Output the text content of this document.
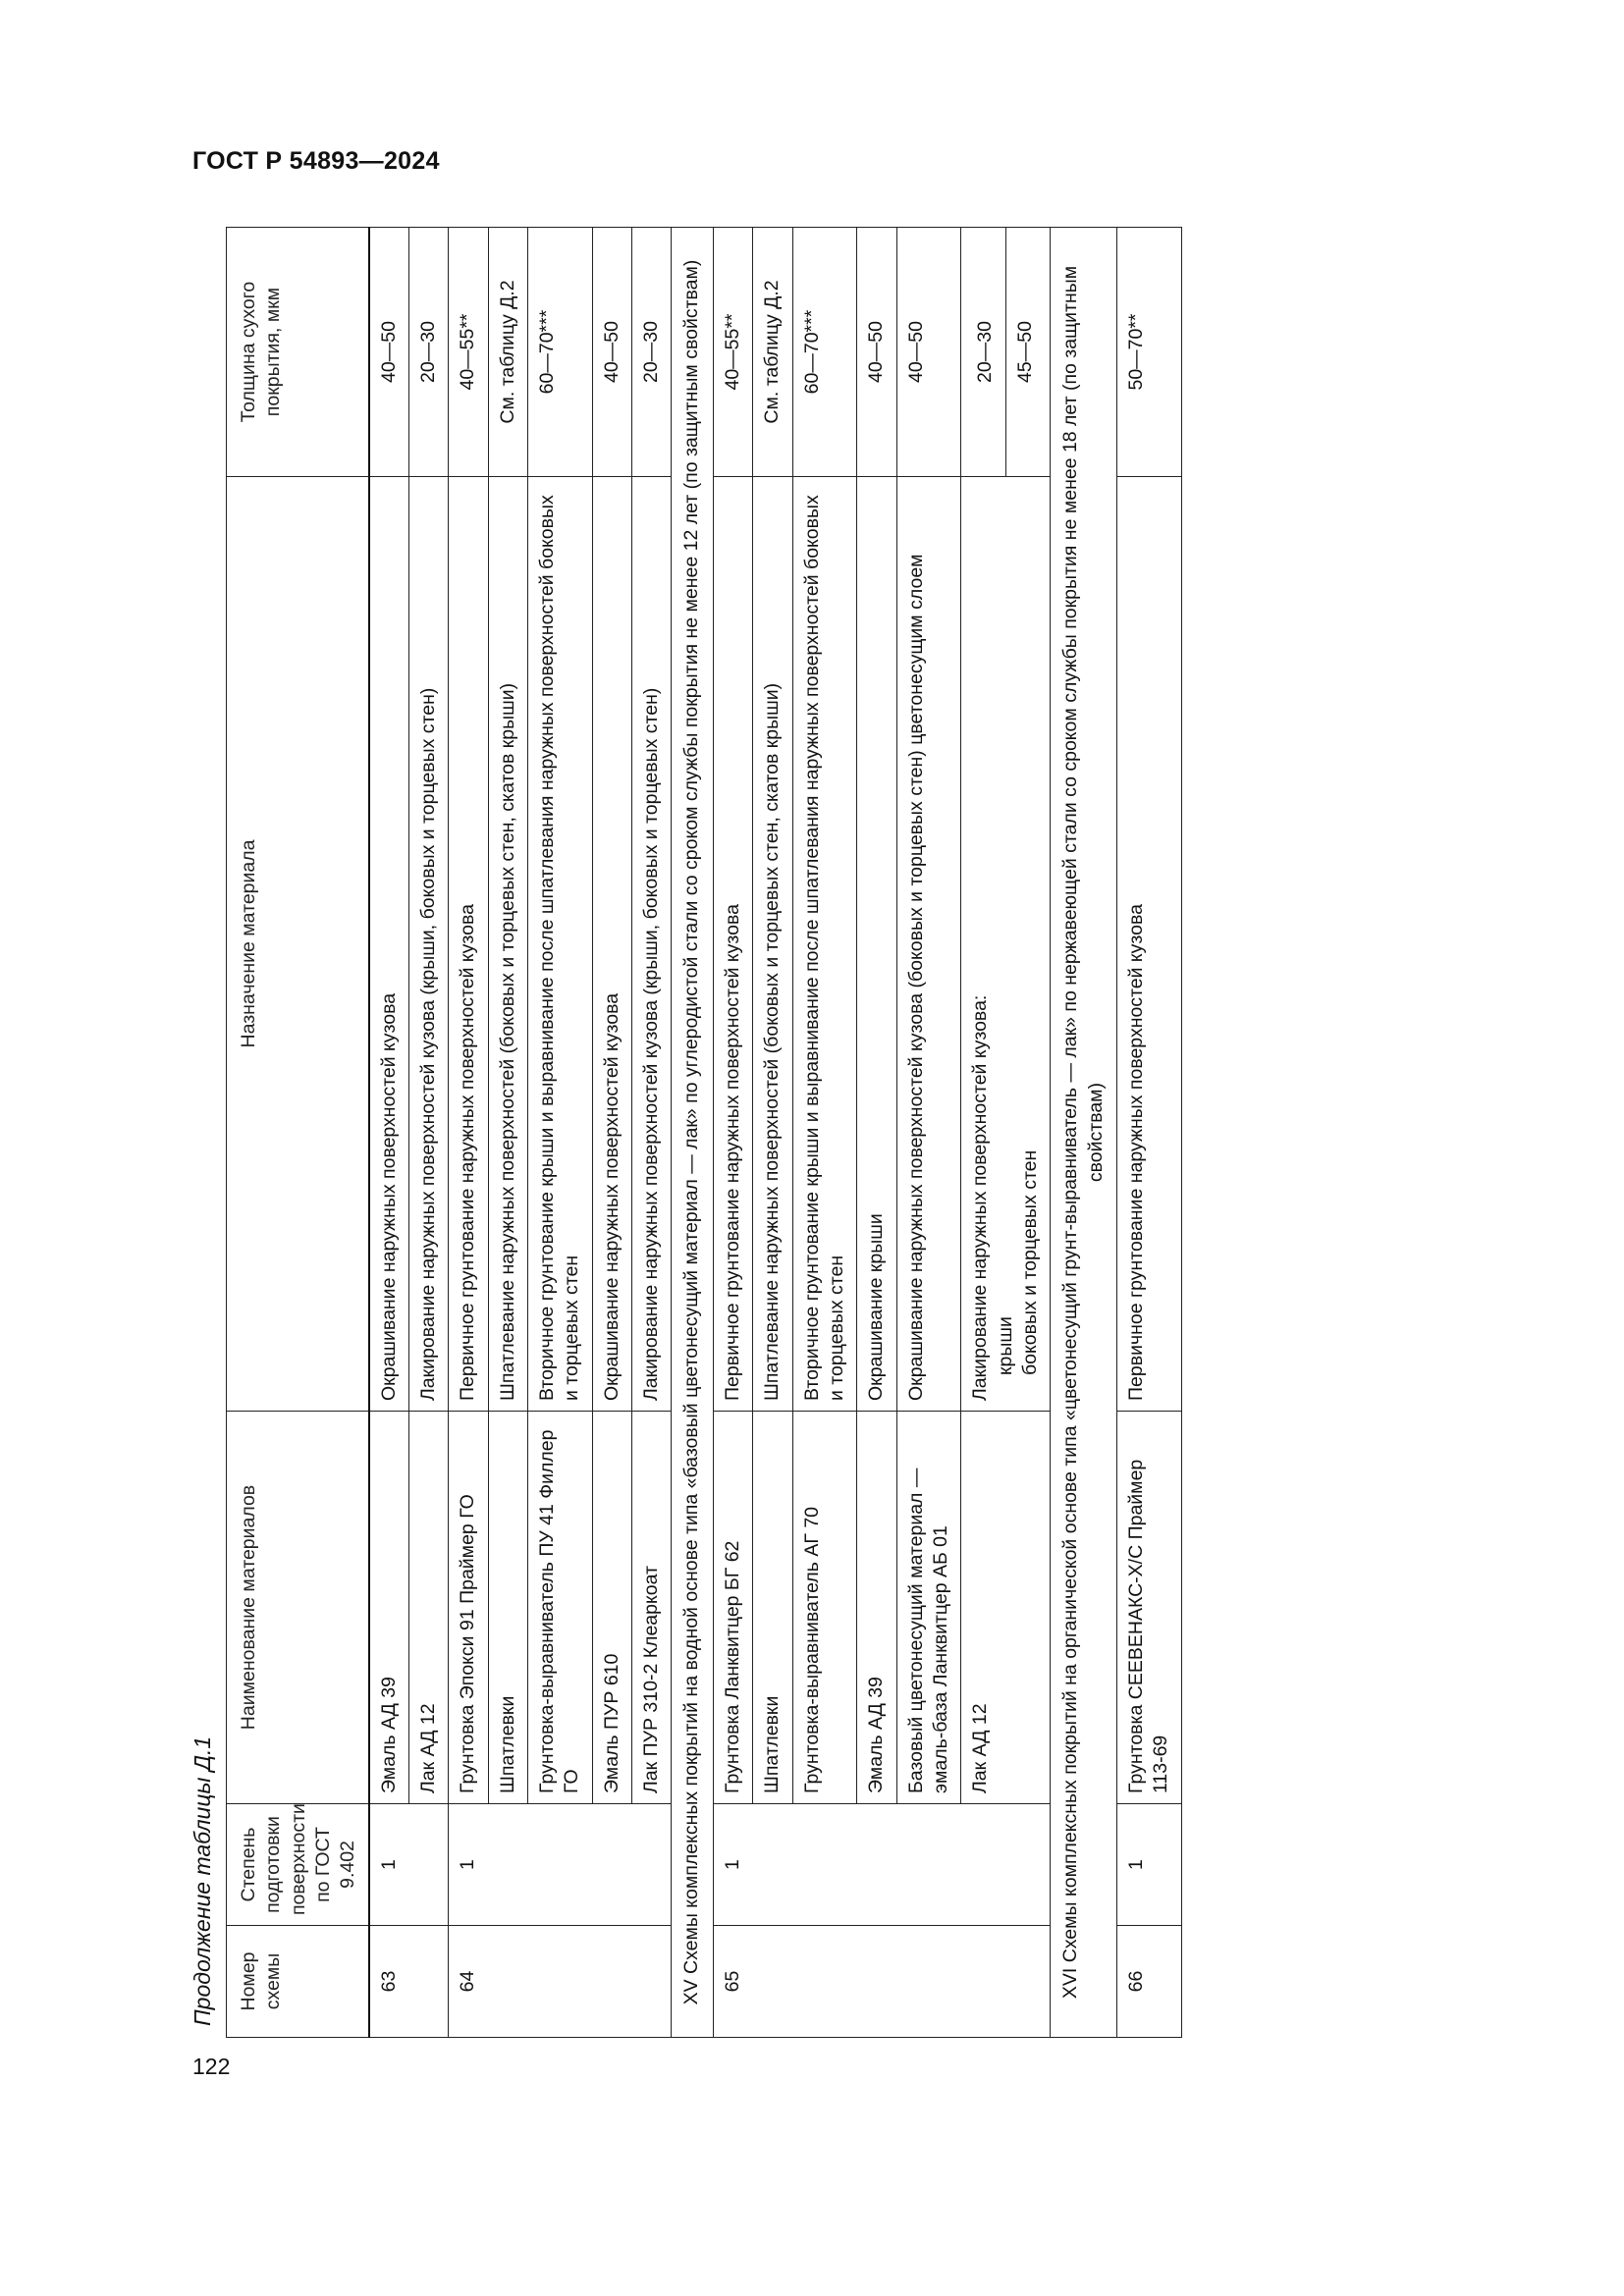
ГОСТ Р 54893—2024
Продолжение таблицы Д.1
122
Номер схемы	Степень подготовки поверхности по ГОСТ 9.402	Наименование материалов	Назначение материала	Толщина сухого покрытия, мкм
63	1	Эмаль АД 39	Окрашивание наружных поверхностей кузова	40—50
		Лак АД 12	Лакирование наружных поверхностей кузова (крыши, боковых и торцевых стен)	20—30
64	1	Грунтовка Эпокси 91 Праймер ГО	Первичное грунтование наружных поверхностей кузова	40—55**
		Шпатлевки	Шпатлевание наружных поверхностей (боковых и торцевых стен, скатов крыши)	См. таблицу Д.2
		Грунтовка-выравниватель ПУ 41 Филлер ГО	Вторичное грунтование крыши и выравнивание после шпатлевания наружных поверхностей боковых и торцевых стен	60—70***
		Эмаль ПУР 610	Окрашивание наружных поверхностей кузова	40—50
		Лак ПУР 310-2 Клеаркоат	Лакирование наружных поверхностей кузова (крыши, боковых и торцевых стен)	20—30
XV Схемы комплексных покрытий на водной основе типа «базовый цветонесущий материал — лак» по углеродистой стали со сроком службы покрытия не менее 12 лет (по защитным свойствам)				
65	1	Грунтовка Ланквитцер БГ 62	Первичное грунтование наружных поверхностей кузова	40—55**
		Шпатлевки	Шпатлевание наружных поверхностей (боковых и торцевых стен, скатов крыши)	См. таблицу Д.2
		Грунтовка-выравниватель АГ 70	Вторичное грунтование крыши и выравнивание после шпатлевания наружных поверхностей боковых и торцевых стен	60—70***
		Эмаль АД 39	Окрашивание крыши	40—50
		Базовый цветонесущий материал — эмаль-база Ланквитцер АБ 01	Окрашивание наружных поверхностей кузова (боковых и торцевых стен) цветонесущим слоем	40—50
		Лак АД 12	Лакирование наружных поверхностей кузова: крыши боковых и торцевых стен	20—30
				45—50
XVI Схемы комплексных покрытий на органической основе типа «цветонесущий грунт-выравниватель — лак» по нержавеющей стали со сроком службы покрытия не менее 18 лет (по защитным свойствам)				
66	1	Грунтовка СЕЕВЕНАКС-Х/С Праймер 113-69	Первичное грунтование наружных поверхностей кузова	50—70**
